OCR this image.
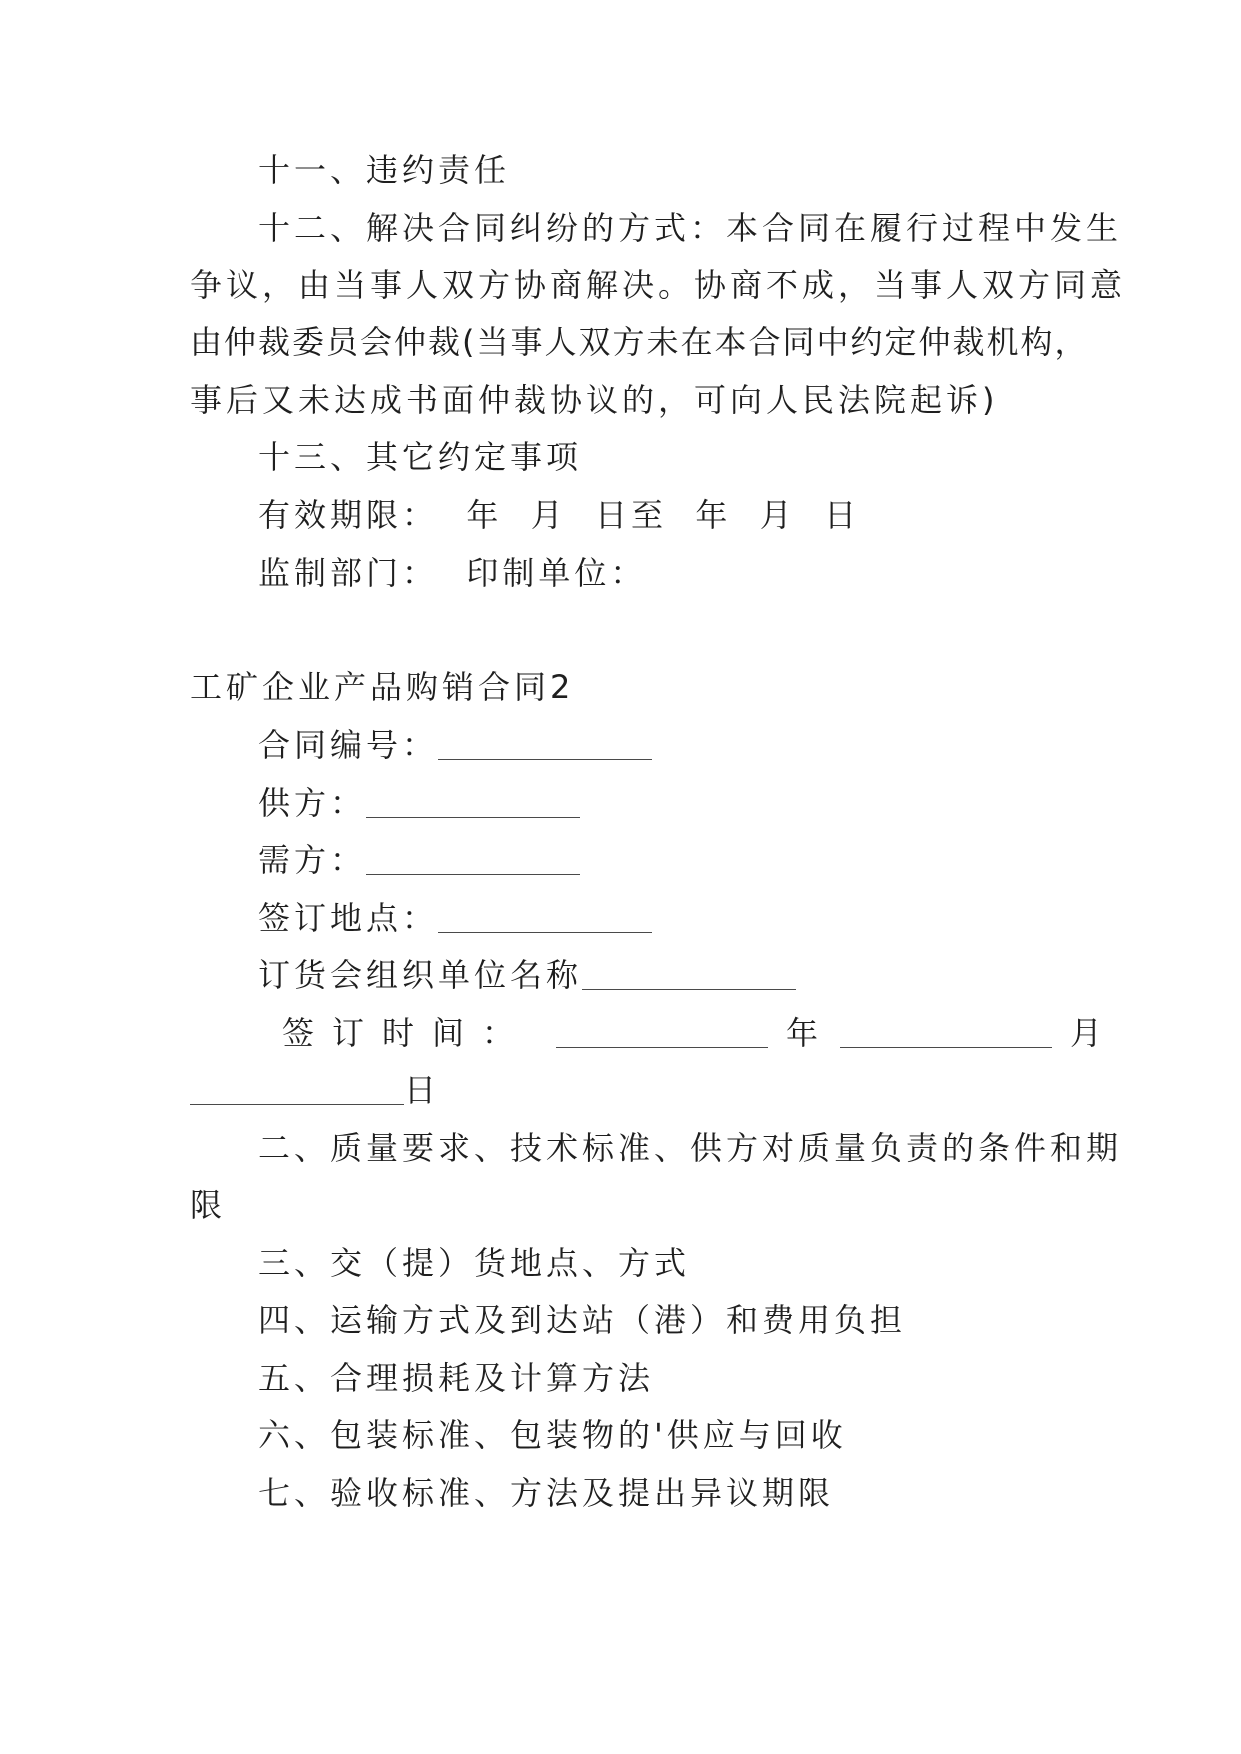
十一、违约责任
十二、解决合同纠纷的方式：本合同在履行过程中发生
争议，由当事人双方协商解决。协商不成，当事人双方同意
由仲裁委员会仲裁(当事人双方未在本合同中约定仲裁机构，
事后又未达成书面仲裁协议的，可向人民法院起诉)
十三、其它约定事项
有效期限：  年  月  日至  年  月  日
监制部门：  印制单位：
工矿企业产品购销合同2
合同编号：
供方：
需方：
签订地点：
订货会组织单位名称
签订时间：	年	月
日
二、质量要求、技术标准、供方对质量负责的条件和期
限
三、交（提）货地点、方式
四、运输方式及到达站（港）和费用负担
五、合理损耗及计算方法
六、包装标准、包装物的'供应与回收
七、验收标准、方法及提出异议期限
